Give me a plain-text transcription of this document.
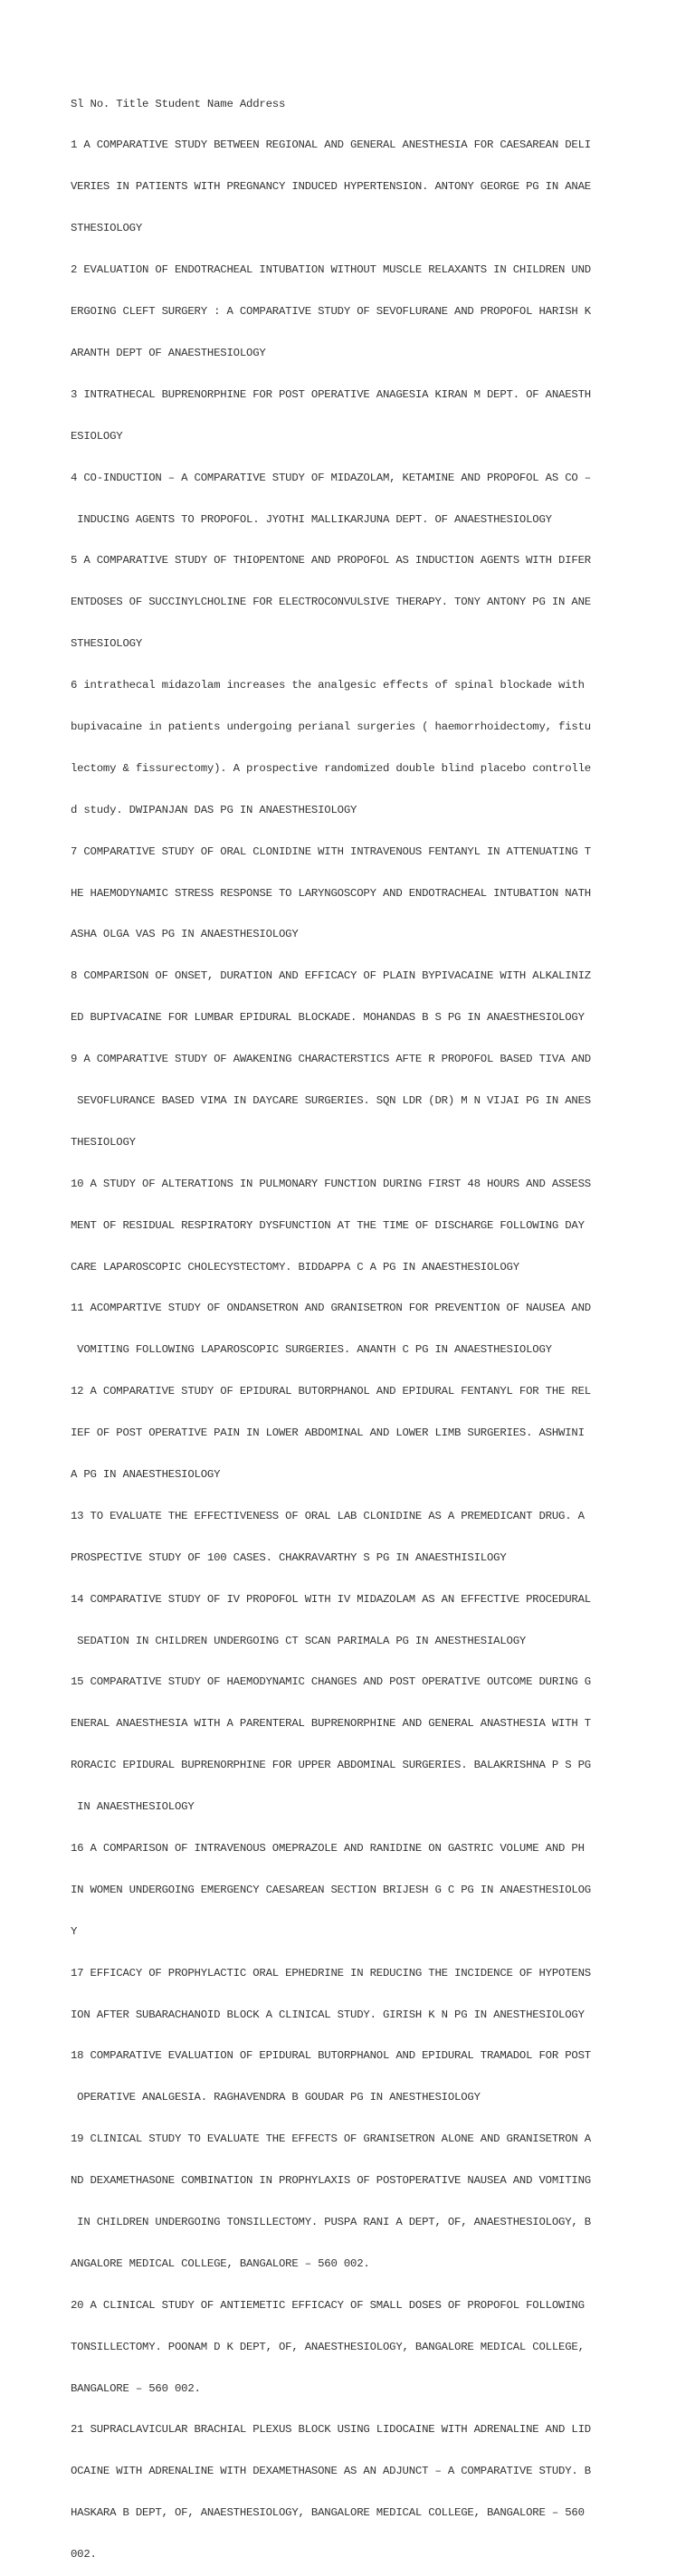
Sl No. Title Student Name Address

1 A COMPARATIVE STUDY BETWEEN REGIONAL AND GENERAL ANESTHESIA FOR CAESAREAN DELI

VERIES IN PATIENTS WITH PREGNANCY INDUCED HYPERTENSION. ANTONY GEORGE PG IN ANAE

STHESIOLOGY

2 EVALUATION OF ENDOTRACHEAL INTUBATION WITHOUT MUSCLE RELAXANTS IN CHILDREN UND

ERGOING CLEFT SURGERY : A COMPARATIVE STUDY OF SEVOFLURANE AND PROPOFOL HARISH K

ARANTH DEPT OF ANAESTHESIOLOGY

3 INTRATHECAL BUPRENORPHINE FOR POST OPERATIVE ANAGESIA KIRAN M DEPT. OF ANAESTH

ESIOLOGY

4 CO-INDUCTION – A COMPARATIVE STUDY OF MIDAZOLAM, KETAMINE AND PROPOFOL AS CO –

INDUCING AGENTS TO PROPOFOL. JYOTHI MALLIKARJUNA DEPT. OF ANAESTHESIOLOGY

5 A COMPARATIVE STUDY OF THIOPENTONE AND PROPOFOL AS INDUCTION AGENTS WITH DIFER

ENTDOSES OF SUCCINYLCHOLINE FOR ELECTROCONVULSIVE THERAPY. TONY ANTONY PG IN ANE

STHESIOLOGY

6 intrathecal midazolam increases the analgesic effects of spinal blockade with

bupivacaine in patients undergoing perianal surgeries ( haemorrhoidectomy, fistu

lectomy & fissurectomy). A prospective randomized double blind placebo controlle

d study. DWIPANJAN DAS PG IN ANAESTHESIOLOGY

7 COMPARATIVE STUDY OF ORAL CLONIDINE WITH INTRAVENOUS FENTANYL IN ATTENUATING T

HE HAEMODYNAMIC STRESS RESPONSE TO LARYNGOSCOPY AND ENDOTRACHEAL INTUBATION NATH

ASHA OLGA VAS PG IN ANAESTHESIOLOGY

8 COMPARISON OF ONSET, DURATION AND EFFICACY OF PLAIN BYPIVACAINE WITH ALKALINIZ

ED BUPIVACAINE FOR LUMBAR EPIDURAL BLOCKADE. MOHANDAS B S PG IN ANAESTHESIOLOGY

9 A COMPARATIVE STUDY OF AWAKENING CHARACTERSTICS AFTE R PROPOFOL BASED TIVA AND

SEVOFLURANCE BASED VIMA IN DAYCARE SURGERIES. SQN LDR (DR) M N VIJAI PG IN ANES

THESIOLOGY

10 A STUDY OF ALTERATIONS IN PULMONARY FUNCTION DURING FIRST 48 HOURS AND ASSESS

MENT OF RESIDUAL RESPIRATORY DYSFUNCTION AT THE TIME OF DISCHARGE FOLLOWING DAY

CARE LAPAROSCOPIC CHOLECYSTECTOMY. BIDDAPPA C A PG IN ANAESTHESIOLOGY

11 ACOMPARTIVE STUDY OF ONDANSETRON AND GRANISETRON FOR PREVENTION OF NAUSEA AND

VOMITING FOLLOWING LAPAROSCOPIC SURGERIES. ANANTH C PG IN ANAESTHESIOLOGY

12 A COMPARATIVE STUDY OF EPIDURAL BUTORPHANOL AND EPIDURAL FENTANYL FOR THE REL

IEF OF POST OPERATIVE PAIN IN LOWER ABDOMINAL AND LOWER LIMB SURGERIES. ASHWINI

A PG IN ANAESTHESIOLOGY

13 TO EVALUATE THE EFFECTIVENESS OF ORAL LAB CLONIDINE AS A PREMEDICANT DRUG. A

PROSPECTIVE STUDY OF 100 CASES. CHAKRAVARTHY S PG IN ANAESTHISILOGY

14 COMPARATIVE STUDY OF IV PROPOFOL WITH IV MIDAZOLAM AS AN EFFECTIVE PROCEDURAL

SEDATION IN CHILDREN UNDERGOING CT SCAN PARIMALA PG IN ANESTHESIALOGY

15 COMPARATIVE STUDY OF HAEMODYNAMIC CHANGES AND POST OPERATIVE OUTCOME DURING G

ENERAL ANAESTHESIA WITH A PARENTERAL BUPRENORPHINE AND GENERAL ANASTHESIA WITH T

RORACIC EPIDURAL BUPRENORPHINE FOR UPPER ABDOMINAL SURGERIES. BALAKRISHNA P S PG

IN ANAESTHESIOLOGY

16 A COMPARISON OF INTRAVENOUS OMEPRAZOLE AND RANIDINE ON GASTRIC VOLUME AND PH

IN WOMEN UNDERGOING EMERGENCY CAESAREAN SECTION BRIJESH G C PG IN ANAESTHESIOLOG

Y

17 EFFICACY OF PROPHYLACTIC ORAL EPHEDRINE IN REDUCING THE INCIDENCE OF HYPOTENS

ION AFTER SUBARACHANOID BLOCK A CLINICAL STUDY. GIRISH K N PG IN ANESTHESIOLOGY

18 COMPARATIVE EVALUATION OF EPIDURAL BUTORPHANOL AND EPIDURAL TRAMADOL FOR POST

OPERATIVE ANALGESIA. RAGHAVENDRA B GOUDAR PG IN ANESTHESIOLOGY

19 CLINICAL STUDY TO EVALUATE THE EFFECTS OF GRANISETRON ALONE AND GRANISETRON A

ND DEXAMETHASONE COMBINATION IN PROPHYLAXIS OF POSTOPERATIVE NAUSEA AND VOMITING

IN CHILDREN UNDERGOING TONSILLECTOMY. PUSPA RANI A DEPT, OF, ANAESTHESIOLOGY, B

ANGALORE MEDICAL COLLEGE, BANGALORE – 560 002.

20 A CLINICAL STUDY OF ANTIEMETIC EFFICACY OF SMALL DOSES OF PROPOFOL FOLLOWING

TONSILLECTOMY. POONAM D K DEPT, OF, ANAESTHESIOLOGY, BANGALORE MEDICAL COLLEGE,

BANGALORE – 560 002.

21 SUPRACLAVICULAR BRACHIAL PLEXUS BLOCK USING LIDOCAINE WITH ADRENALINE AND LID

OCAINE WITH ADRENALINE WITH DEXAMETHASONE AS AN ADJUNCT – A COMPARATIVE STUDY. B

HASKARA B DEPT, OF, ANAESTHESIOLOGY, BANGALORE MEDICAL COLLEGE, BANGALORE – 560

002.
